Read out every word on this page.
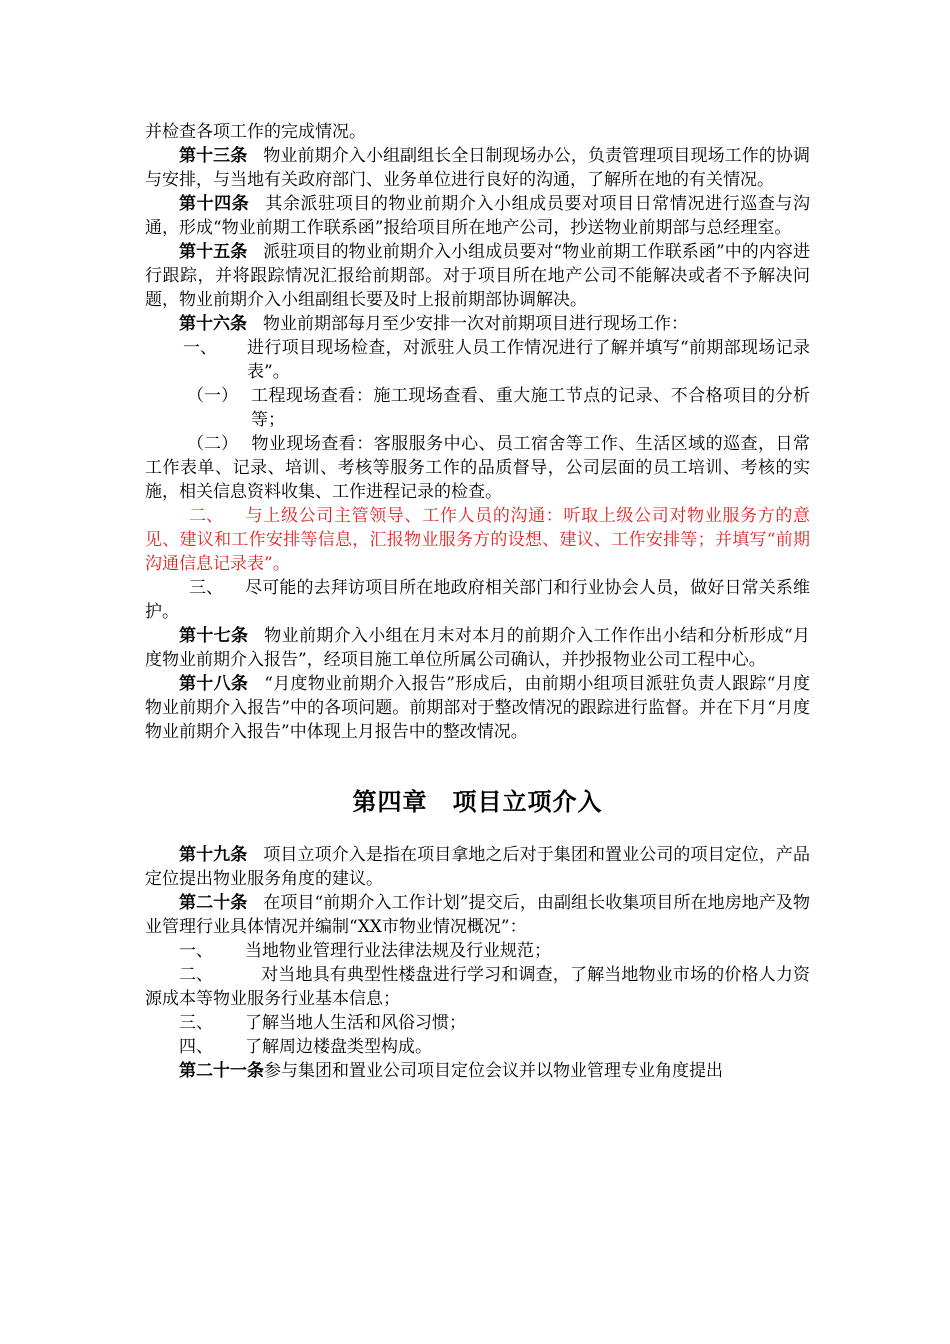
并检查各项工作的完成情况。

第十三条 物业前期介入小组副组长全日制现场办公，负责管理项目现场工作的协调与安排，与当地有关政府部门、业务单位进行良好的沟通，了解所在地的有关情况。

第十四条 其余派驻项目的物业前期介入小组成员要对项目日常情况进行巡查与沟通，形成“物业前期工作联系函”报给项目所在地产公司，抄送物业前期部与总经理室。

第十五条 派驻项目的物业前期介入小组成员要对“物业前期工作联系函”中的内容进行跟踪，并将跟踪情况汇报给前期部。对于项目所在地产公司不能解决或者不予解决问题，物业前期介入小组副组长要及时上报前期部协调解决。

第十六条 物业前期部每月至少安排一次对前期项目进行现场工作：

一、	进行项目现场检查，对派驻人员工作情况进行了解并填写“前期部现场记录表”。
（一） 工程现场查看：施工现场查看、重大施工节点的记录、不合格项目的分析等；

（二） 物业现场查看：客服服务中心、员工宿舍等工作、生活区域的巡查，日常工作表单、记录、培训、考核等服务工作的品质督导，公司层面的员工培训、考核的实施，相关信息资料收集、工作进程记录的检查。

二、 与上级公司主管领导、工作人员的沟通：听取上级公司对物业服务方的意见、建议和工作安排等信息，汇报物业服务方的设想、建议、工作安排等；并填写“前期沟通信息记录表”。

三、 尽可能的去拜访项目所在地政府相关部门和行业协会人员，做好日常关系维护。

第十七条 物业前期介入小组在月末对本月的前期介入工作作出小结和分析形成“月度物业前期介入报告”，经项目施工单位所属公司确认，并抄报物业公司工程中心。

第十八条 “月度物业前期介入报告”形成后，由前期小组项目派驻负责人跟踪“月度物业前期介入报告”中的各项问题。前期部对于整改情况的跟踪进行监督。并在下月“月度物业前期介入报告”中体现上月报告中的整改情况。

第四章　项目立项介入

第十九条 项目立项介入是指在项目拿地之后对于集团和置业公司的项目定位，产品定位提出物业服务角度的建议。

第二十条 在项目“前期介入工作计划”提交后，由副组长收集项目所在地房地产及物业管理行业具体情况并编制“XX市物业情况概况”：

一、 当地物业管理行业法律法规及行业规范；

二、	对当地具有典型性楼盘进行学习和调查，了解当地物业市场的价格人力资源成本等物业服务行业基本信息；

三、 了解当地人生活和风俗习惯；

四、 了解周边楼盘类型构成。

第二十一条参与集团和置业公司项目定位会议并以物业管理专业角度提出
